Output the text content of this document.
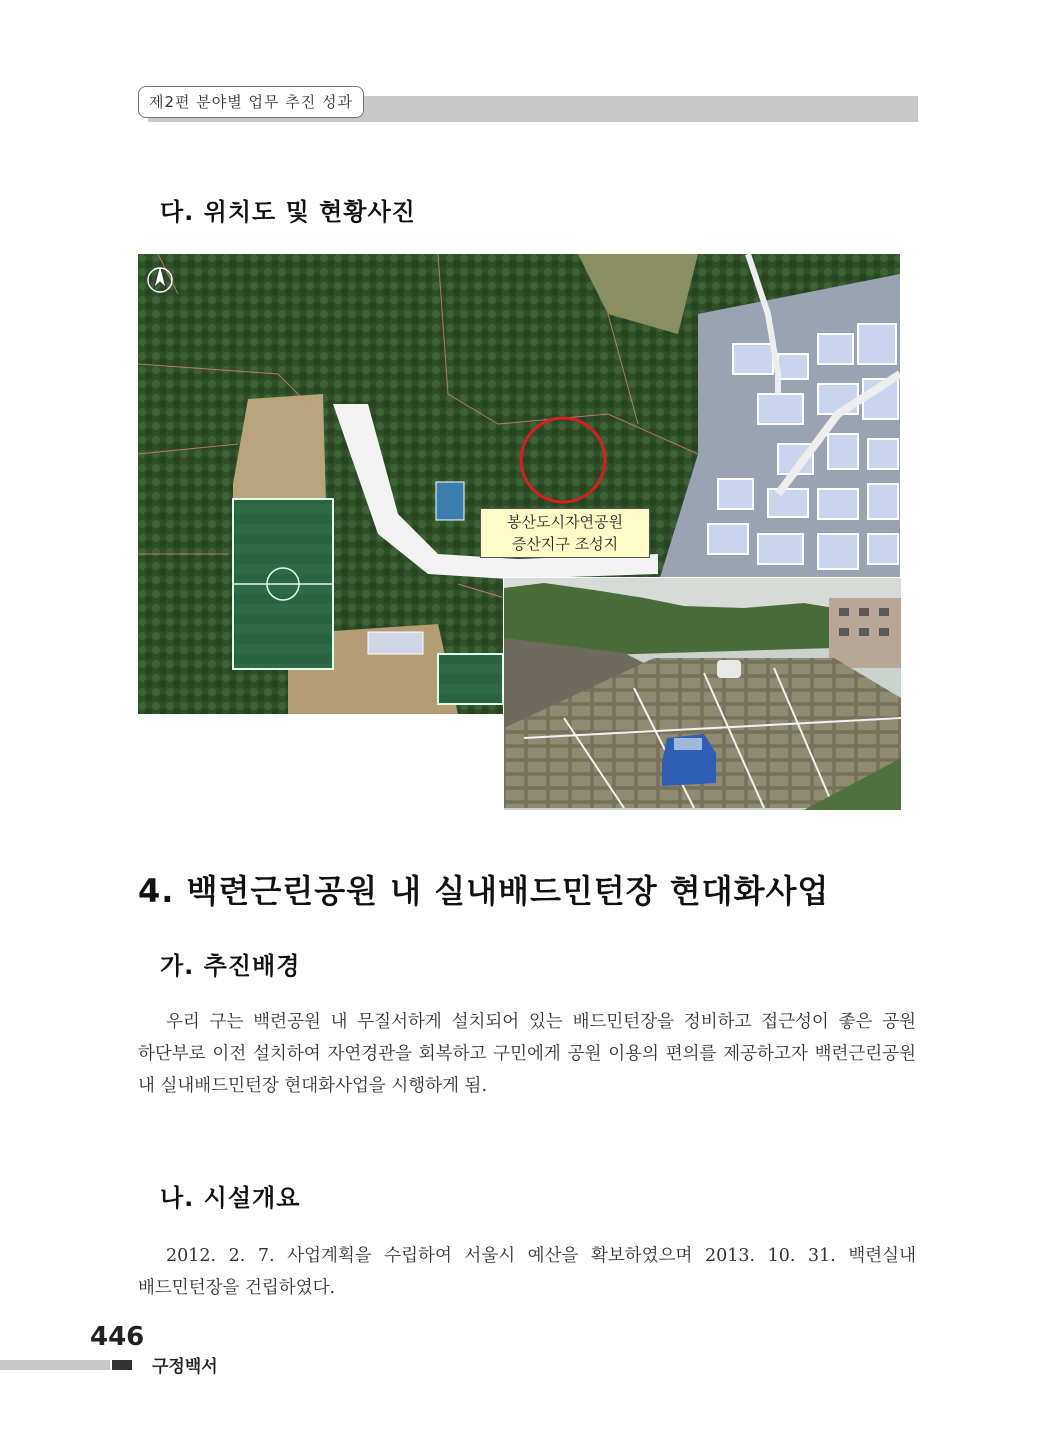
제2편 분야별 업무 추진 성과
다. 위치도 및 현황사진
봉산도시자연공원
증산지구 조성지
4. 백련근린공원 내 실내배드민턴장 현대화사업
가. 추진배경
우리 구는 백련공원 내 무질서하게 설치되어 있는 배드민턴장을 정비하고 접근성이 좋은 공원 하단부로 이전 설치하여 자연경관을 회복하고 구민에게 공원 이용의 편의를 제공하고자 백련근린공원 내 실내배드민턴장 현대화사업을 시행하게 됨.
나. 시설개요
2012. 2. 7. 사업계획을 수립하여 서울시 예산을 확보하였으며 2013. 10. 31. 백련실내 배드민턴장을 건립하였다.
446
구정백서
